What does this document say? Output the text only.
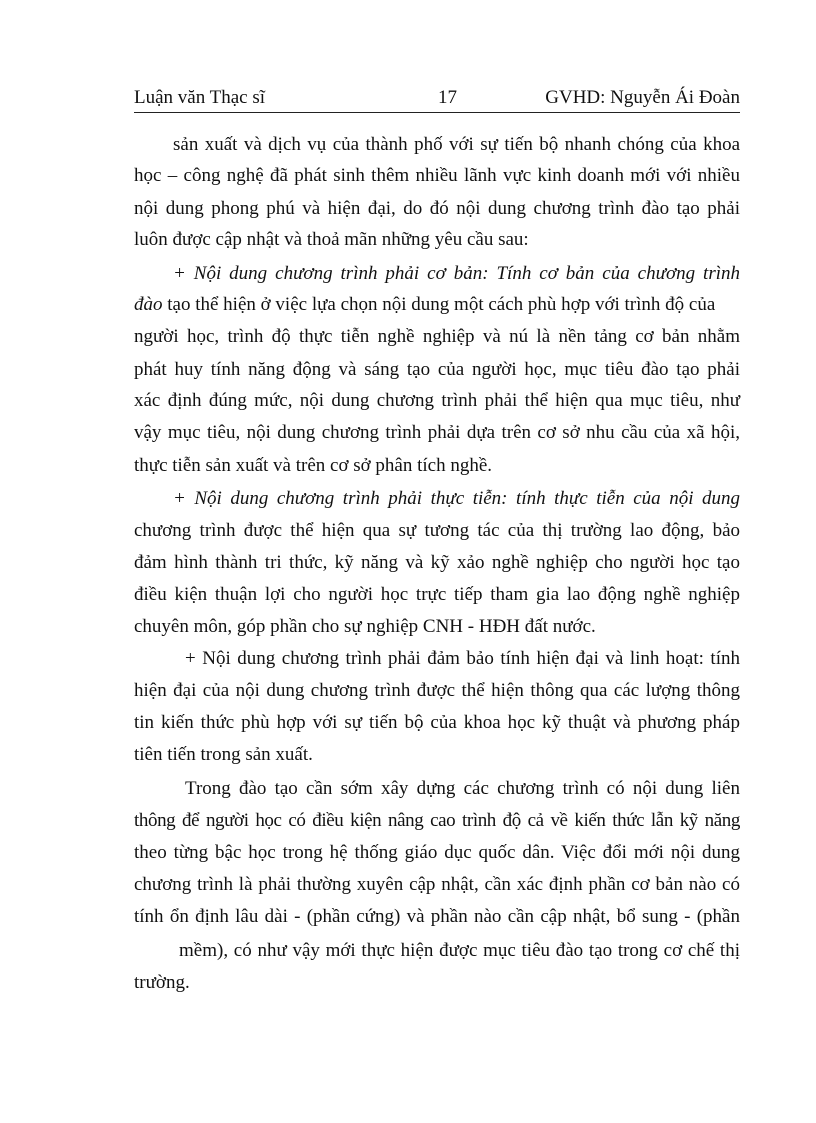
Luận văn Thạc sĩ	17	GVHD: Nguyễn Ái Đoàn
sản xuất và dịch vụ của thành phố với sự tiến bộ nhanh chóng của khoa
học – công nghệ đã phát sinh thêm nhiều lãnh vực kinh doanh mới với nhiều
nội dung phong phú và hiện đại, do đó nội dung chương trình đào tạo phải
luôn được cập nhật và thoả mãn những yêu cầu sau:
+ Nội dung chương trình phải cơ bản: Tính cơ bản của chương trình
đào tạo thể hiện ở việc lựa chọn nội dung một cách phù hợp với trình độ của
người học, trình độ thực tiễn nghề nghiệp và nú là nền tảng cơ bản nhằm
phát huy tính năng động và sáng tạo của người học, mục tiêu đào tạo phải
xác định đúng mức, nội dung chương trình phải thể hiện qua mục tiêu, như
vậy mục tiêu, nội dung chương trình phải dựa trên cơ sở nhu cầu của xã hội,
thực tiễn sản xuất và trên cơ sở phân tích nghề.
+ Nội dung chương trình phải thực tiễn: tính thực tiễn của nội dung
chương trình được thể hiện qua sự tương tác của thị trường lao động, bảo
đảm hình thành tri thức, kỹ năng và kỹ xảo nghề nghiệp cho người học tạo
điều kiện thuận lợi cho người học trực tiếp tham gia lao động nghề nghiệp
chuyên môn, góp phần cho sự nghiệp CNH - HĐH đất nước.
+ Nội dung chương trình phải đảm bảo tính hiện đại và linh hoạt: tính
hiện đại của nội dung chương trình được thể hiện thông qua các lượng thông
tin kiến thức phù hợp với sự tiến bộ của khoa học kỹ thuật và phương pháp
tiên tiến trong sản xuất.
Trong đào tạo cần sớm xây dựng các chương trình có nội dung liên
thông để người học có điều kiện nâng cao trình độ cả về kiến thức lẫn kỹ năng
theo từng bậc học trong hệ thống giáo dục quốc dân. Việc đổi mới nội dung
chương trình là phải thường xuyên cập nhật, cần xác định phần cơ bản nào có
tính ổn định lâu dài - (phần cứng) và phần nào cần cập nhật, bổ sung - (phần
mềm), có như vậy mới thực hiện được mục tiêu đào tạo trong cơ chế thị
trường.
